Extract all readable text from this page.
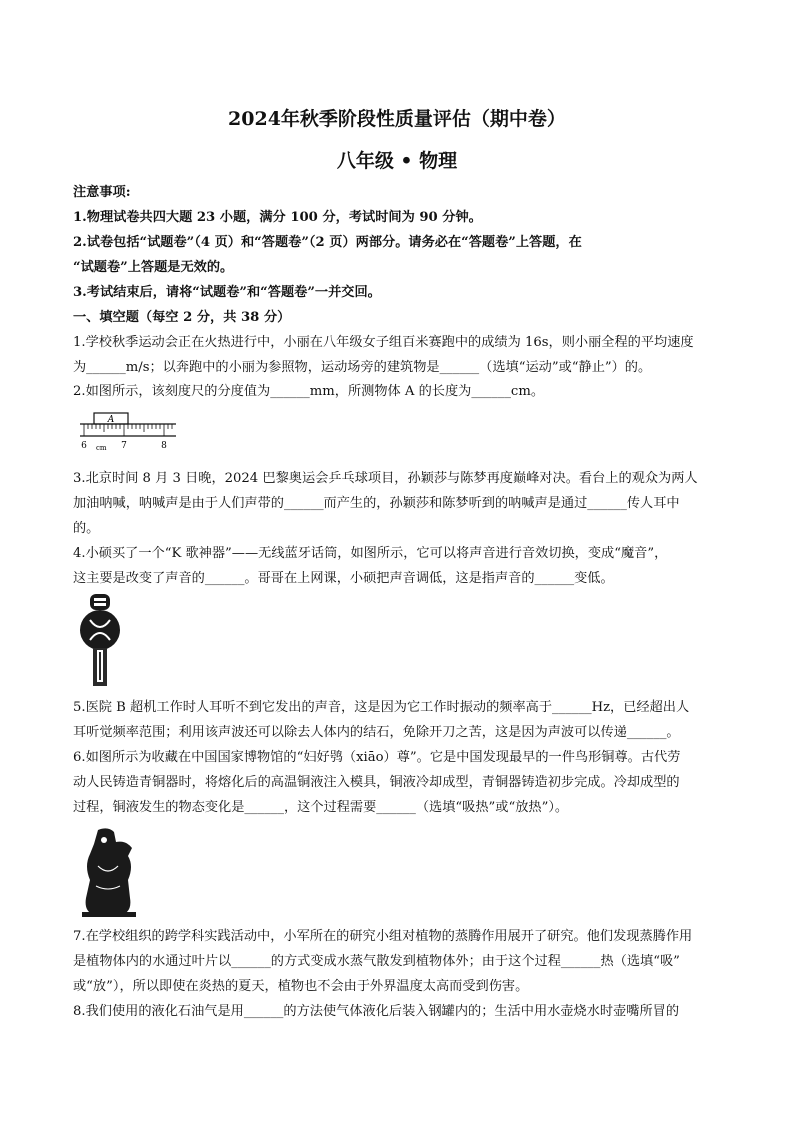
2024年秋季阶段性质量评估（期中卷）
八年级 • 物理
注意事项:
1.物理试卷共四大题 23 小题，满分 100 分，考试时间为 90 分钟。
2.试卷包括“试题卷”（4 页）和“答题卷”（2 页）两部分。请务必在“答题卷”上答题，在
“试题卷”上答题是无效的。
3.考试结束后，请将“试题卷”和“答题卷”一并交回。
一、填空题（每空 2 分，共 38 分）
1.学校秋季运动会正在火热进行中，小丽在八年级女子组百米赛跑中的成绩为 16s，则小丽全程的平均速度
为______m/s；以奔跑中的小丽为参照物，运动场旁的建筑物是______（选填“运动”或“静止”）的。
2.如图所示，该刻度尺的分度值为______mm，所测物体 A 的长度为______cm。
A
6	7	8
cm
3.北京时间 8 月 3 日晚，2024 巴黎奥运会乒乓球项目，孙颖莎与陈梦再度巅峰对决。看台上的观众为两人
加油呐喊，呐喊声是由于人们声带的______而产生的，孙颖莎和陈梦听到的呐喊声是通过______传人耳中
的。
4.小硕买了一个“K 歌神器”——无线蓝牙话筒，如图所示，它可以将声音进行音效切换，变成“魔音”，
这主要是改变了声音的______。哥哥在上网课，小硕把声音调低，这是指声音的______变低。
5.医院 B 超机工作时人耳听不到它发出的声音，这是因为它工作时振动的频率高于______Hz，已经超出人
耳听觉频率范围；利用该声波还可以除去人体内的结石，免除开刀之苦，这是因为声波可以传递______。
6.如图所示为收藏在中国国家博物馆的“妇好鸮（xiāo）尊”。它是中国发现最早的一件鸟形铜尊。古代劳
动人民铸造青铜器时，将熔化后的高温铜液注入模具，铜液冷却成型，青铜器铸造初步完成。冷却成型的
过程，铜液发生的物态变化是______，这个过程需要______（选填“吸热”或“放热”）。
7.在学校组织的跨学科实践活动中，小军所在的研究小组对植物的蒸腾作用展开了研究。他们发现蒸腾作用
是植物体内的水通过叶片以______的方式变成水蒸气散发到植物体外；由于这个过程______热（选填“吸”
或“放”），所以即使在炎热的夏天，植物也不会由于外界温度太高而受到伤害。
8.我们使用的液化石油气是用______的方法使气体液化后装入钢罐内的；生活中用水壶烧水时壶嘴所冒的
